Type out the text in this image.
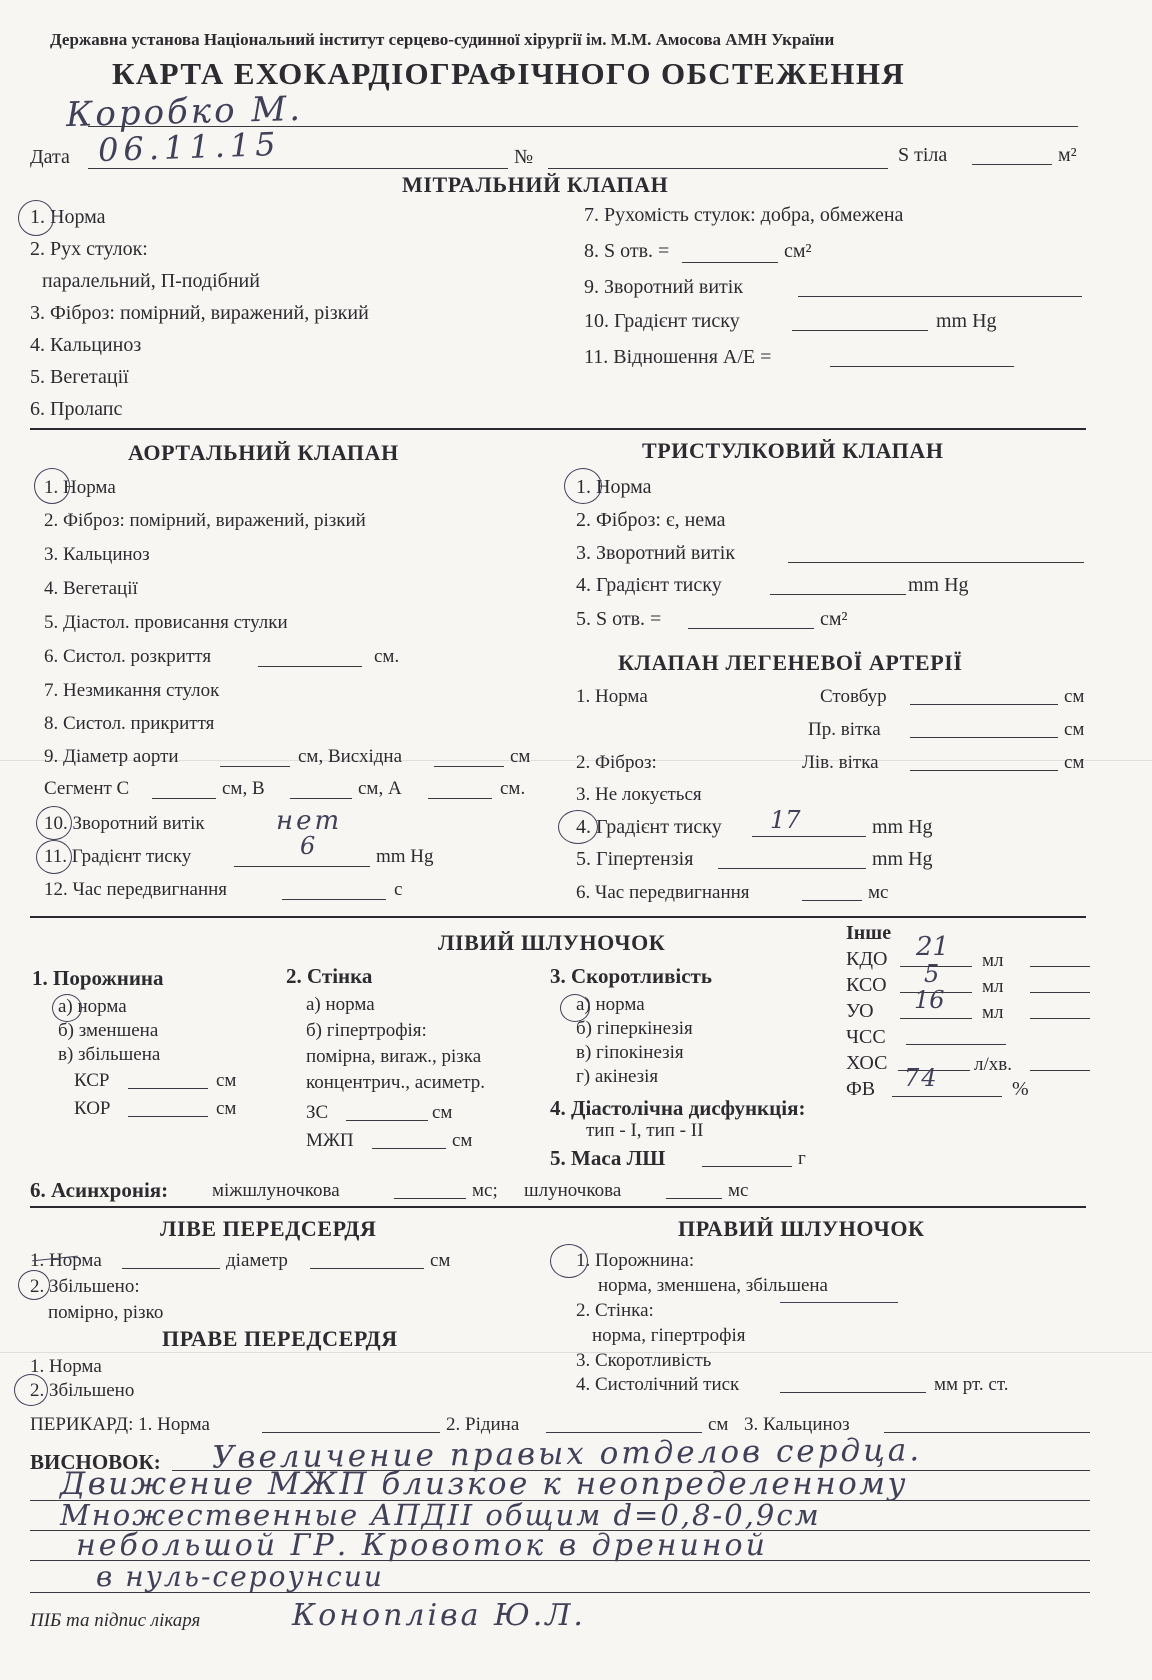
Державна установа Національний інститут серцево-судинної хірургії ім. М.М. Амосова АМН України
КАРТА ЕХОКАРДІОГРАФІЧНОГО ОБСТЕЖЕННЯ
Коробко М.
Дата 06.11.15	№	S тіла	м²
МІТРАЛЬНИЙ КЛАПАН
1. Норма
2. Рух стулок:
паралельний, П-подібний
3. Фіброз: помірний, виражений, різкий
4. Кальциноз
5. Вегетації
6. Пролапс
7. Рухомість стулок: добра, обмежена
8. S отв. =	см²
9. Зворотний витік
10. Градієнт тиску	mm Hg
11. Відношення A/E =
АОРТАЛЬНИЙ КЛАПАН
1. Норма
2. Фіброз: помірний, виражений, різкий
3. Кальциноз
4. Вегетації
5. Діастол. провисання стулки
6. Систол. розкриття	см.
7. Незмикання стулок
8. Систол. прикриття
9. Діаметр аорти	см, Висхідна	см
Сегмент С	см, В	см, А	см.
10. Зворотний витік	нет
11. Градієнт тиску	6	mm Hg
12. Час передвигнання	с
ТРИСТУЛКОВИЙ КЛАПАН
1. Норма
2. Фіброз: є, нема
3. Зворотний витік
4. Градієнт тиску	mm Hg
5. S отв. =	см²
КЛАПАН ЛЕГЕНЕВОЇ АРТЕРІЇ
1. Норма	Стовбур	см
Пр. вітка	см
2. Фіброз:	Лів. вітка	см
3. Не локується
4. Градієнт тиску 17	mm Hg
5. Гіпертензія	mm Hg
6. Час передвигнання	мс
ЛІВИЙ ШЛУНОЧОК
1. Порожнина
а) норма
б) зменшена
в) збільшена
КСР	см
КОР	см
2. Стінка
а) норма
б) гіпертрофія:
помірна, виraж., різка
концентрич., асиметр.
ЗС	см
МЖП	см
3. Скоротливість
а) норма
б) гіперкінезія
в) гіпокінезія
г) акінезія
4. Діастолічна дисфункція:
тип - I, тип - II
5. Маса ЛШ	г
Інше
КДО 21 мл
КСО 5 мл
УО 16 мл
ЧСС
ХОС	л/хв.
ФВ 74	%
6. Асинхронія: міжшлуночкова	мс; шлуночкова	мс
ЛІВЕ ПЕРЕДСЕРДЯ
1. Норма	діаметр	см
2. Збільшено:
помірно, різко
ПРАВЕ ПЕРЕДСЕРДЯ
1. Норма
2. Збільшено
ПРАВИЙ ШЛУНОЧОК
1. Порожнина:
норма, зменшена, збільшена
2. Стінка:
норма, гіпертрофія
3. Скоротливість
4. Систолічний тиск	мм рт. ст.
ПЕРИКАРД: 1. Норма	2. Рідина	см 3. Кальциноз
ВИСНОВОК: Увеличение правых отделов сердца.
Движение МЖП близкое к неопределенному
Множественные АПДII общим d=0,8-0,9см
небольшой ГР. Кровоток в дрениной
в нуль-сероунсии
ПІБ та підпис лікаря	Конопліва Ю.Л.
